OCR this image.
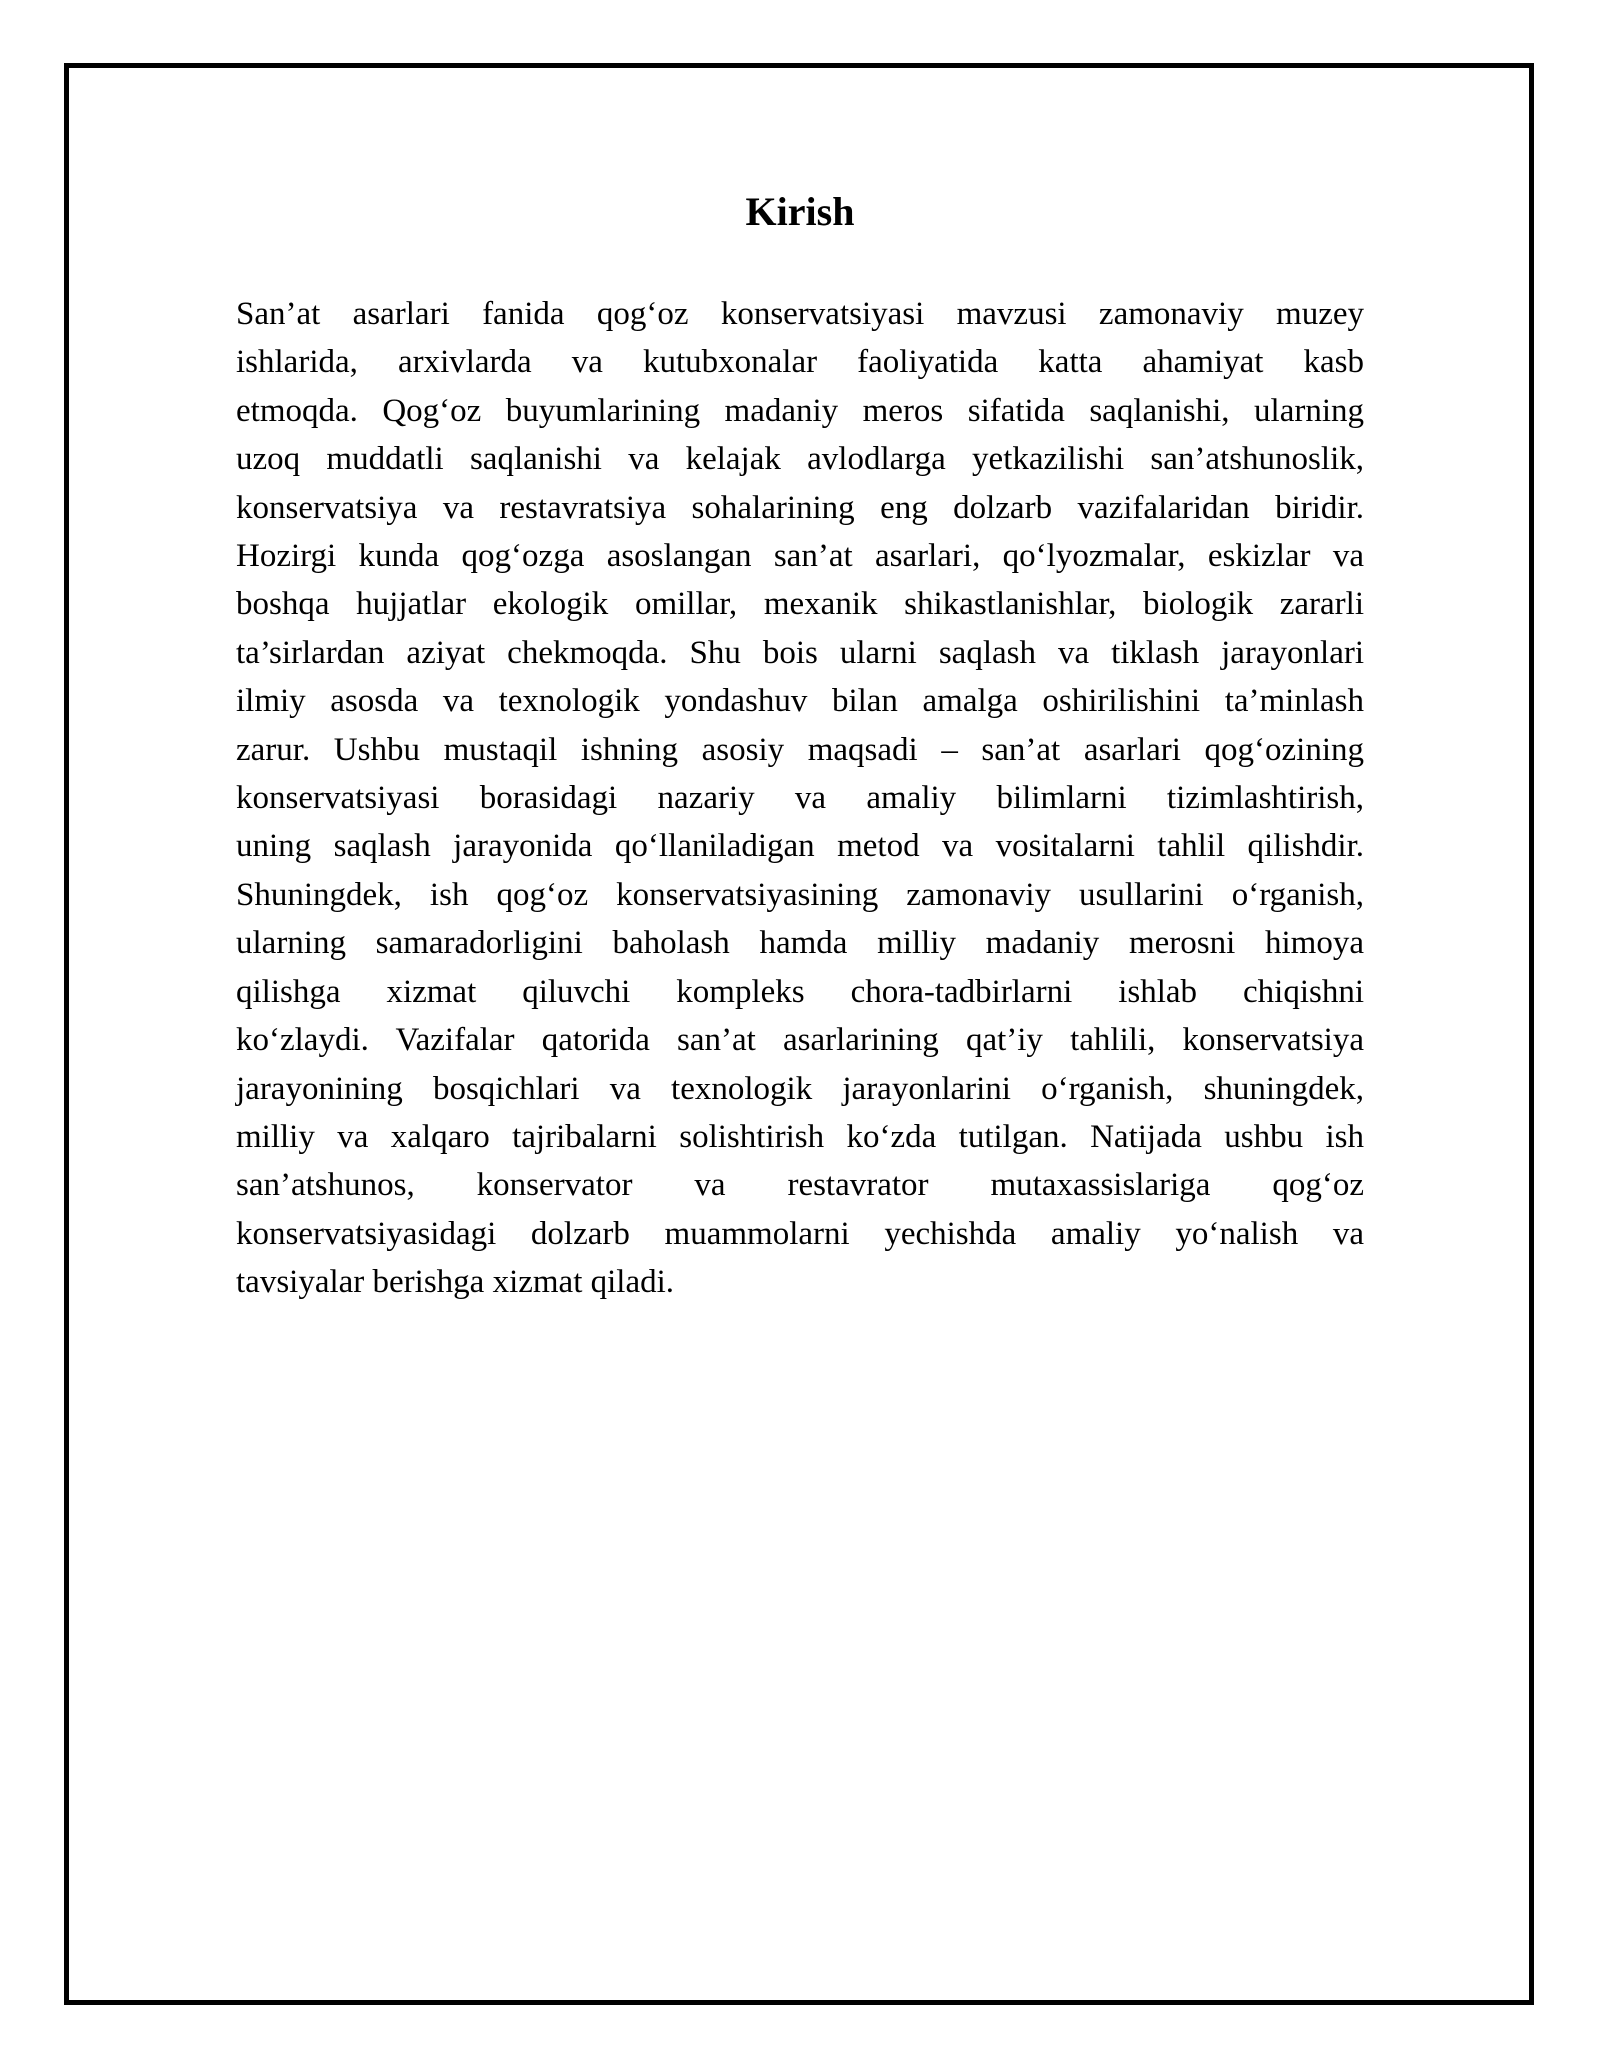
Kirish

San’at asarlari fanida qog‘oz konservatsiyasi mavzusi zamonaviy muzey
ishlarida, arxivlarda va kutubxonalar faoliyatida katta ahamiyat kasb
etmoqda. Qog‘oz buyumlarining madaniy meros sifatida saqlanishi, ularning
uzoq muddatli saqlanishi va kelajak avlodlarga yetkazilishi san’atshunoslik,
konservatsiya va restavratsiya sohalarining eng dolzarb vazifalaridan biridir.
Hozirgi kunda qog‘ozga asoslangan san’at asarlari, qo‘lyozmalar, eskizlar va
boshqa hujjatlar ekologik omillar, mexanik shikastlanishlar, biologik zararli
ta’sirlardan aziyat chekmoqda. Shu bois ularni saqlash va tiklash jarayonlari
ilmiy asosda va texnologik yondashuv bilan amalga oshirilishini ta’minlash
zarur. Ushbu mustaqil ishning asosiy maqsadi – san’at asarlari qog‘ozining
konservatsiyasi borasidagi nazariy va amaliy bilimlarni tizimlashtirish,
uning saqlash jarayonida qo‘llaniladigan metod va vositalarni tahlil qilishdir.
Shuningdek, ish qog‘oz konservatsiyasining zamonaviy usullarini o‘rganish,
ularning samaradorligini baholash hamda milliy madaniy merosni himoya
qilishga xizmat qiluvchi kompleks chora-tadbirlarni ishlab chiqishni
ko‘zlaydi. Vazifalar qatorida san’at asarlarining qat’iy tahlili, konservatsiya
jarayonining bosqichlari va texnologik jarayonlarini o‘rganish, shuningdek,
milliy va xalqaro tajribalarni solishtirish ko‘zda tutilgan. Natijada ushbu ish
san’atshunos, konservator va restavrator mutaxassislariga qog‘oz
konservatsiyasidagi dolzarb muammolarni yechishda amaliy yo‘nalish va
tavsiyalar berishga xizmat qiladi.
